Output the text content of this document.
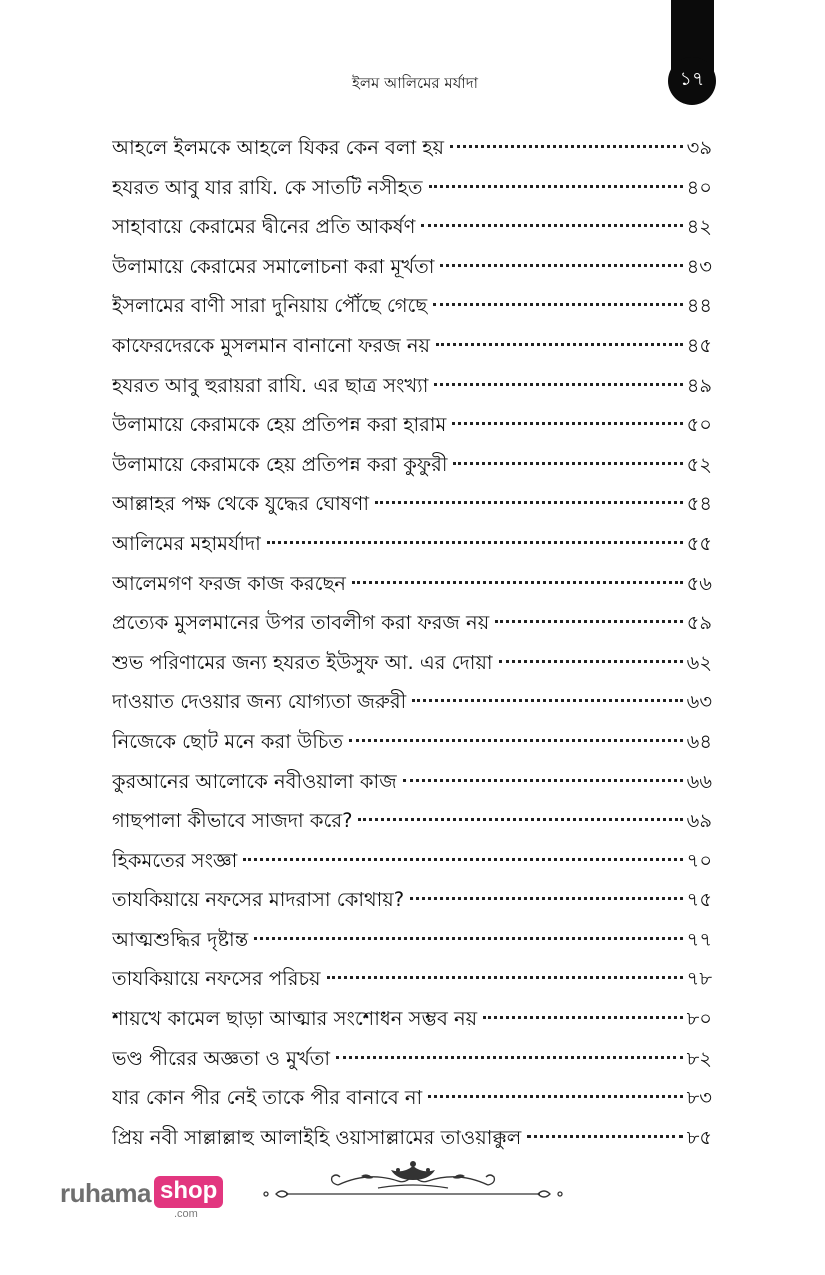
১৭
ইলম আলিমের মর্যাদা
আহলে ইলমকে আহলে যিকর কেন বলা হয়	৩৯
হযরত আবু যার রাযি. কে সাতটি নসীহত	৪০
সাহাবায়ে কেরামের দ্বীনের প্রতি আকর্ষণ	৪২
উলামায়ে কেরামের সমালোচনা করা মূর্খতা	৪৩
ইসলামের বাণী সারা দুনিয়ায় পৌঁছে গেছে	৪৪
কাফেরদেরকে মুসলমান বানানো ফরজ নয়	৪৫
হযরত আবু হুরায়রা রাযি. এর ছাত্র সংখ্যা	৪৯
উলামায়ে কেরামকে হেয় প্রতিপন্ন করা হারাম	৫০
উলামায়ে কেরামকে হেয় প্রতিপন্ন করা কুফুরী	৫২
আল্লাহর পক্ষ থেকে যুদ্ধের ঘোষণা	৫৪
আলিমের মহামর্যাদা	৫৫
আলেমগণ ফরজ কাজ করছেন	৫৬
প্রত্যেক মুসলমানের উপর তাবলীগ করা ফরজ নয়	৫৯
শুভ পরিণামের জন্য হযরত ইউসুফ আ. এর দোয়া	৬২
দাওয়াত দেওয়ার জন্য যোগ্যতা জরুরী	৬৩
নিজেকে ছোট মনে করা উচিত	৬৪
কুরআনের আলোকে নবীওয়ালা কাজ	৬৬
গাছপালা কীভাবে সাজদা করে?	৬৯
হিকমতের সংজ্ঞা	৭০
তাযকিয়ায়ে নফসের মাদরাসা কোথায়?	৭৫
আত্মশুদ্ধির দৃষ্টান্ত	৭৭
তাযকিয়ায়ে নফসের পরিচয়	৭৮
শায়খে কামেল ছাড়া আত্মার সংশোধন সম্ভব নয়	৮০
ভণ্ড পীরের অজ্ঞতা ও মুর্খতা	৮২
যার কোন পীর নেই তাকে পীর বানাবে না	৮৩
প্রিয় নবী সাল্লাল্লাহু আলাইহি ওয়াসাল্লামের তাওয়াক্কুল	৮৫
ruhama shop
.com
